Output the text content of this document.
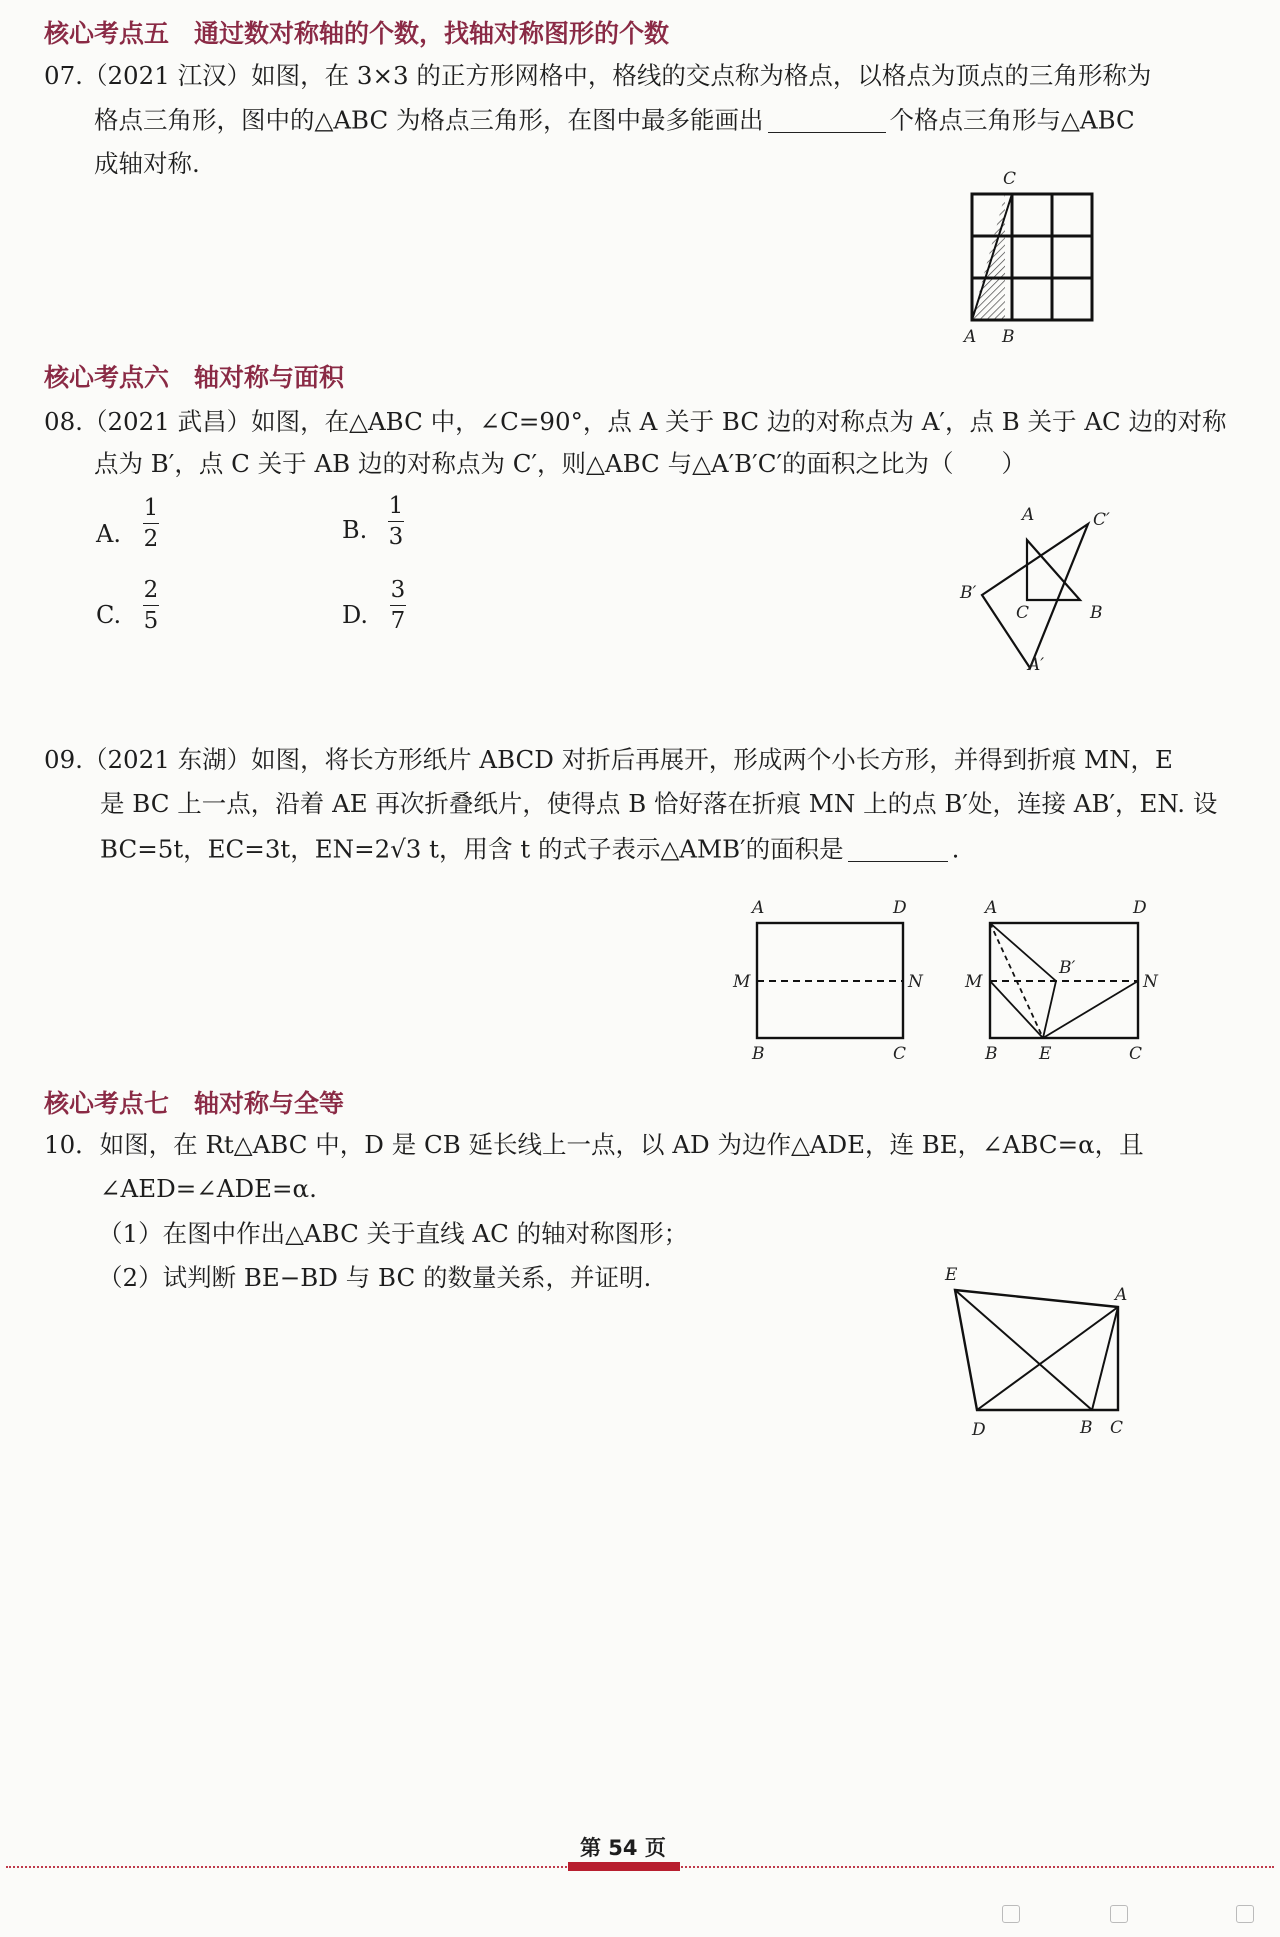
核心考点五　通过数对称轴的个数，找轴对称图形的个数
07.（2021 江汉）如图，在 3×3 的正方形网格中，格线的交点称为格点，以格点为顶点的三角形称为
格点三角形，图中的△ABC 为格点三角形，在图中最多能画出	个格点三角形与△ABC
成轴对称.
C
A B
核心考点六　轴对称与面积
08.（2021 武昌）如图，在△ABC 中，∠C=90°，点 A 关于 BC 边的对称点为 A′，点 B 关于 AC 边的对称
点为 B′，点 C 关于 AB 边的对称点为 C′，则△ABC 与△A′B′C′的面积之比为（ ）
A.
1
2	B.
1
3
C.
2
5	D.
3
7
A	C′
B′
C	B
A′
09.（2021 东湖）如图，将长方形纸片 ABCD 对折后再展开，形成两个小长方形，并得到折痕 MN，E
是 BC 上一点，沿着 AE 再次折叠纸片，使得点 B 恰好落在折痕 MN 上的点 B′处，连接 AB′，EN. 设
BC=5t，EC=3t，EN=2√3 t，用含 t 的式子表示△AMB′的面积是	.
A	D
M	N
B	C
A	D
M	N
B′
B E	C
核心考点七　轴对称与全等
10．如图，在 Rt△ABC 中，D 是 CB 延长线上一点，以 AD 为边作△ADE，连 BE，∠ABC=α，且
∠AED=∠ADE=α.
（1）在图中作出△ABC 关于直线 AC 的轴对称图形；
（2）试判断 BE−BD 与 BC 的数量关系，并证明.	E
A
D	B C
第 54 页
